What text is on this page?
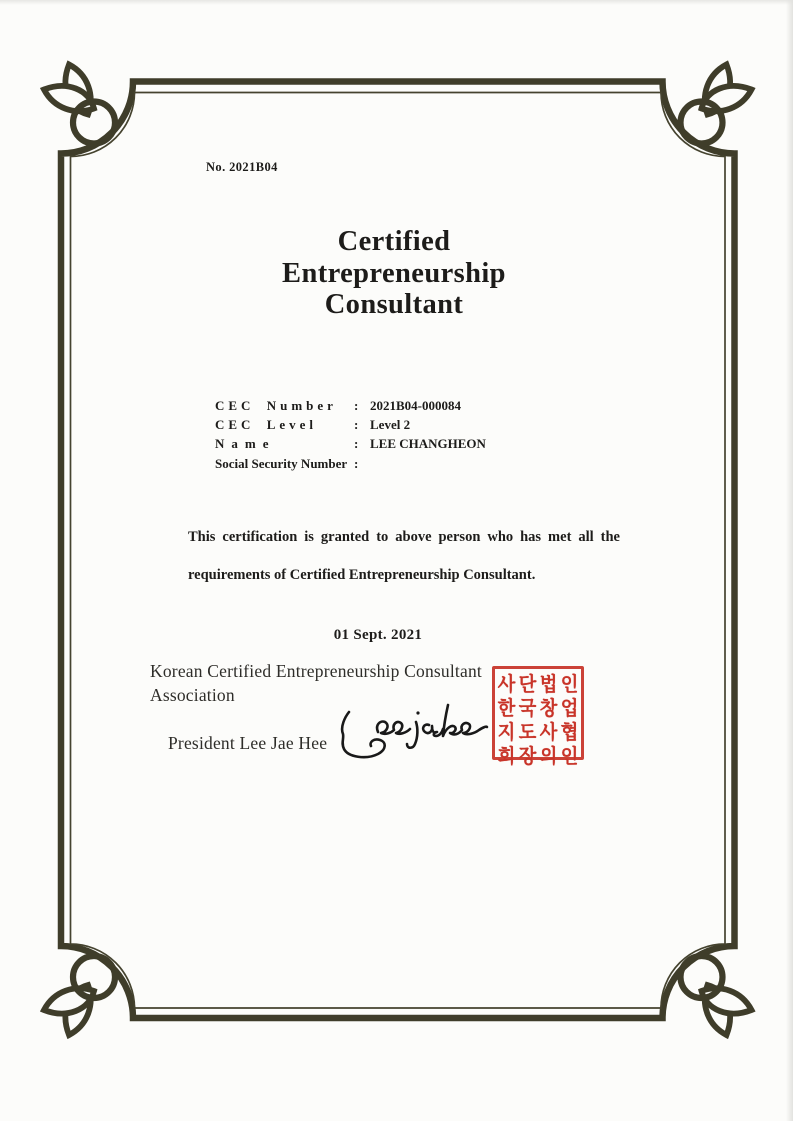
No. 2021B04
Certified
Entrepreneurship
Consultant
CEC Number	: 2021B04-000084
CEC Level	: Level 2
Name	: LEE CHANGHEON
Social Security Number :
This certification is granted to above person who has met all the
requirements of Certified Entrepreneurship Consultant.
01 Sept. 2021
Korean Certified Entrepreneurship Consultant
Association
President Lee Jae Hee
사 단 법 인
한 국 창 업
지 도 사 협
회 장 의 인
